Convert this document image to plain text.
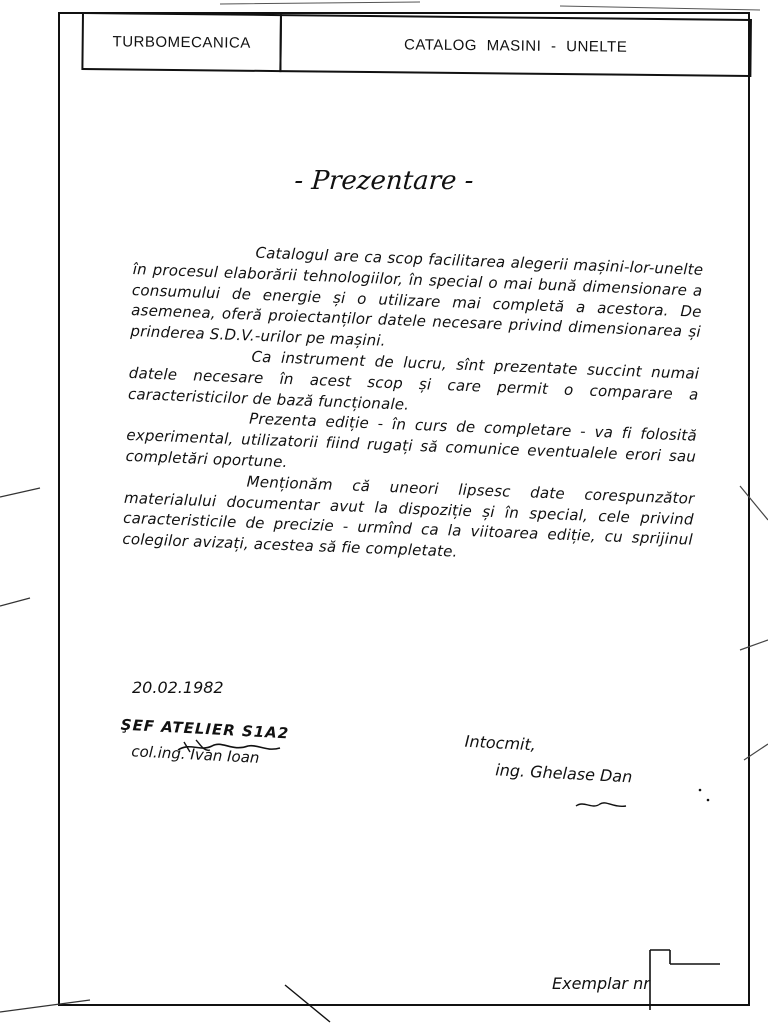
TURBOMECANICA	CATALOG MASINI - UNELTE
- Prezentare -

Catalogul are ca scop facilitarea alegerii mașini-lor-unelte în procesul elaborării tehnologiilor, în special o mai bună dimensionare a consumului de energie și o utilizare mai completă a acestora. De asemenea, oferă proiectanților datele necesare privind dimensionarea și prinderea S.D.V.-urilor pe mașini.

Ca instrument de lucru, sînt prezentate succint numai datele necesare în acest scop și care permit o comparare a caracteristicilor de bază funcționale.

Prezenta ediție - în curs de completare - va fi folosită experimental, utilizatorii fiind rugați să comunice eventualele erori sau completări oportune.

Menționăm că uneori lipsesc date corespunzător materialului documentar avut la dispoziție și în special, cele privind caracteristicile de precizie - urmînd ca la viitoarea ediție, cu sprijinul colegilor avizați, acestea să fie completate.

20.02.1982
ŞEF ATELIER S1A2
col.ing. Ivan Ioan	Intocmit,
ing. Ghelase Dan
Exemplar nr
